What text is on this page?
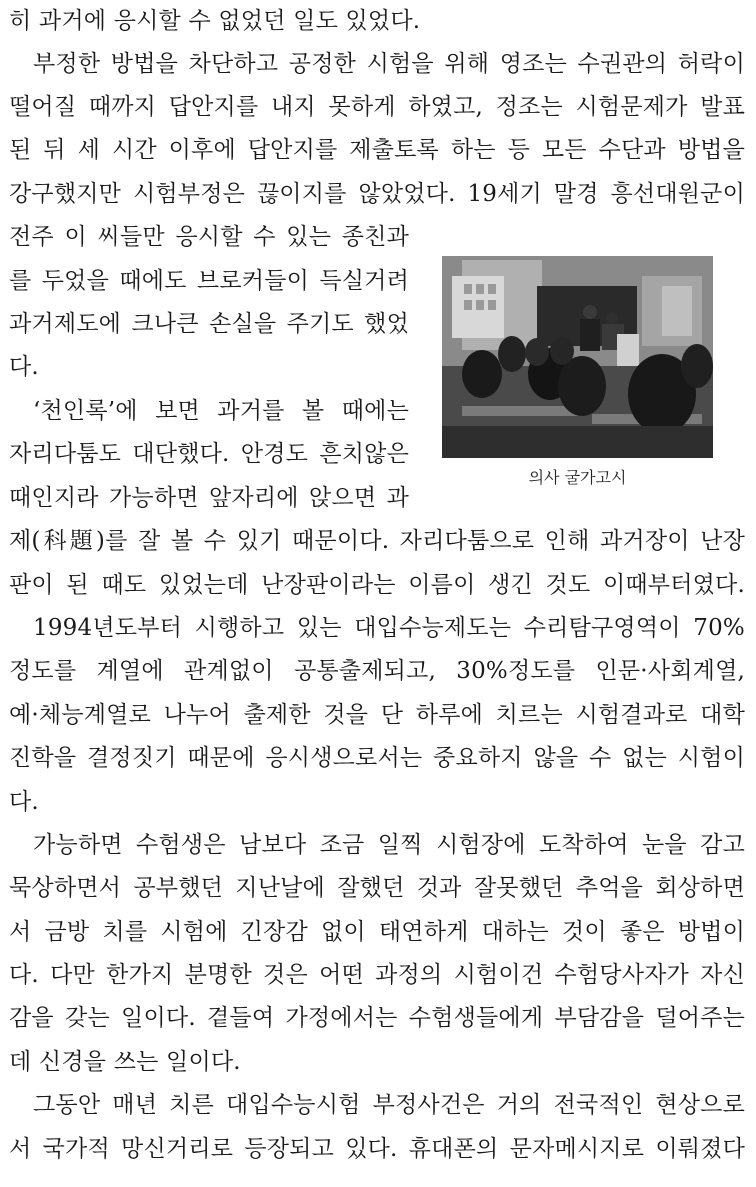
히 과거에 응시할 수 없었던 일도 있었다.
부정한 방법을 차단하고 공정한 시험을 위해 영조는 수권관의 허락이
떨어질 때까지 답안지를 내지 못하게 하였고, 정조는 시험문제가 발표
된 뒤 세 시간 이후에 답안지를 제출토록 하는 등 모든 수단과 방법을
강구했지만 시험부정은 끊이지를 않았었다. 19세기 말경 흥선대원군이
전주 이 씨들만 응시할 수 있는 종친과
를 두었을 때에도 브로커들이 득실거려
과거제도에 크나큰 손실을 주기도 했었
다.
‘천인록’에 보면 과거를 볼 때에는
자리다툼도 대단했다. 안경도 흔치않은
때인지라 가능하면 앞자리에 앉으면 과
의사 굴가고시
제(科題)를 잘 볼 수 있기 때문이다. 자리다툼으로 인해 과거장이 난장
판이 된 때도 있었는데 난장판이라는 이름이 생긴 것도 이때부터였다.
1994년도부터 시행하고 있는 대입수능제도는 수리탐구영역이 70%
정도를 계열에 관계없이 공통출제되고, 30%정도를 인문·사회계열,
예·체능계열로 나누어 출제한 것을 단 하루에 치르는 시험결과로 대학
진학을 결정짓기 때문에 응시생으로서는 중요하지 않을 수 없는 시험이
다.
가능하면 수험생은 남보다 조금 일찍 시험장에 도착하여 눈을 감고
묵상하면서 공부했던 지난날에 잘했던 것과 잘못했던 추억을 회상하면
서 금방 치를 시험에 긴장감 없이 태연하게 대하는 것이 좋은 방법이
다. 다만 한가지 분명한 것은 어떤 과정의 시험이건 수험당사자가 자신
감을 갖는 일이다. 곁들여 가정에서는 수험생들에게 부담감을 덜어주는
데 신경을 쓰는 일이다.
그동안 매년 치른 대입수능시험 부정사건은 거의 전국적인 현상으로
서 국가적 망신거리로 등장되고 있다. 휴대폰의 문자메시지로 이뤄졌다
